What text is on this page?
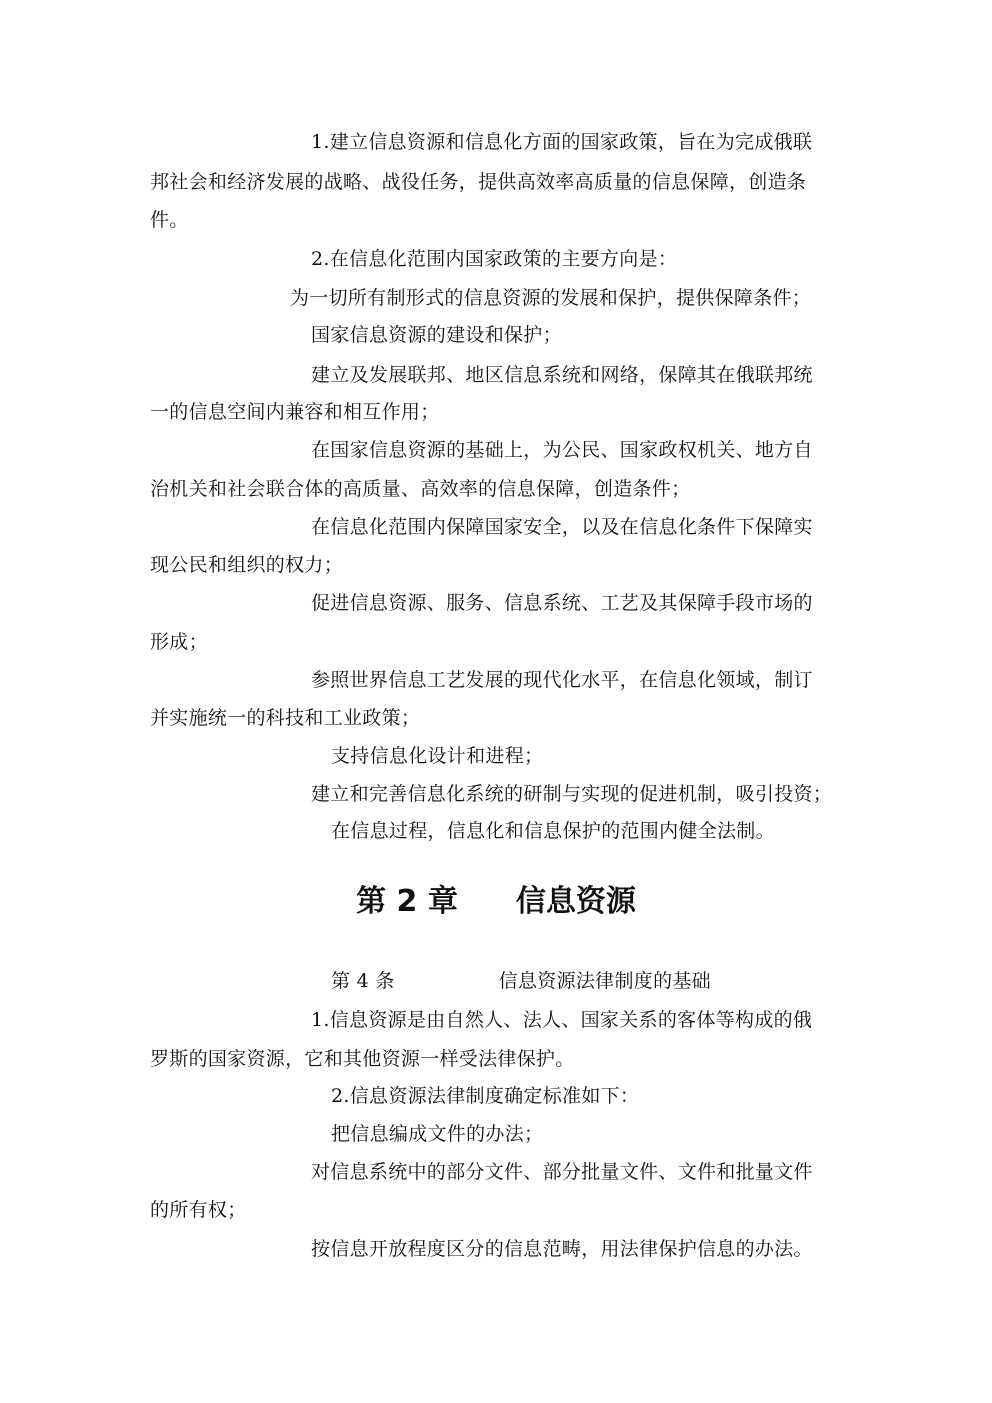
1.建立信息资源和信息化方面的国家政策，旨在为完成俄联
邦社会和经济发展的战略、战役任务，提供高效率高质量的信息保障，创造条
件。
2.在信息化范围内国家政策的主要方向是：
为一切所有制形式的信息资源的发展和保护，提供保障条件；
国家信息资源的建设和保护；
建立及发展联邦、地区信息系统和网络，保障其在俄联邦统
一的信息空间内兼容和相互作用；
在国家信息资源的基础上，为公民、国家政权机关、地方自
治机关和社会联合体的高质量、高效率的信息保障，创造条件；
在信息化范围内保障国家安全，以及在信息化条件下保障实
现公民和组织的权力；
促进信息资源、服务、信息系统、工艺及其保障手段市场的
形成；
参照世界信息工艺发展的现代化水平，在信息化领域，制订
并实施统一的科技和工业政策；
支持信息化设计和进程；
建立和完善信息化系统的研制与实现的促进机制，吸引投资；
在信息过程，信息化和信息保护的范围内健全法制。
第 2 章 信息资源
第 4 条	信息资源法律制度的基础
1.信息资源是由自然人、法人、国家关系的客体等构成的俄
罗斯的国家资源，它和其他资源一样受法律保护。
2.信息资源法律制度确定标准如下：
把信息编成文件的办法；
对信息系统中的部分文件、部分批量文件、文件和批量文件
的所有权；
按信息开放程度区分的信息范畴，用法律保护信息的办法。
